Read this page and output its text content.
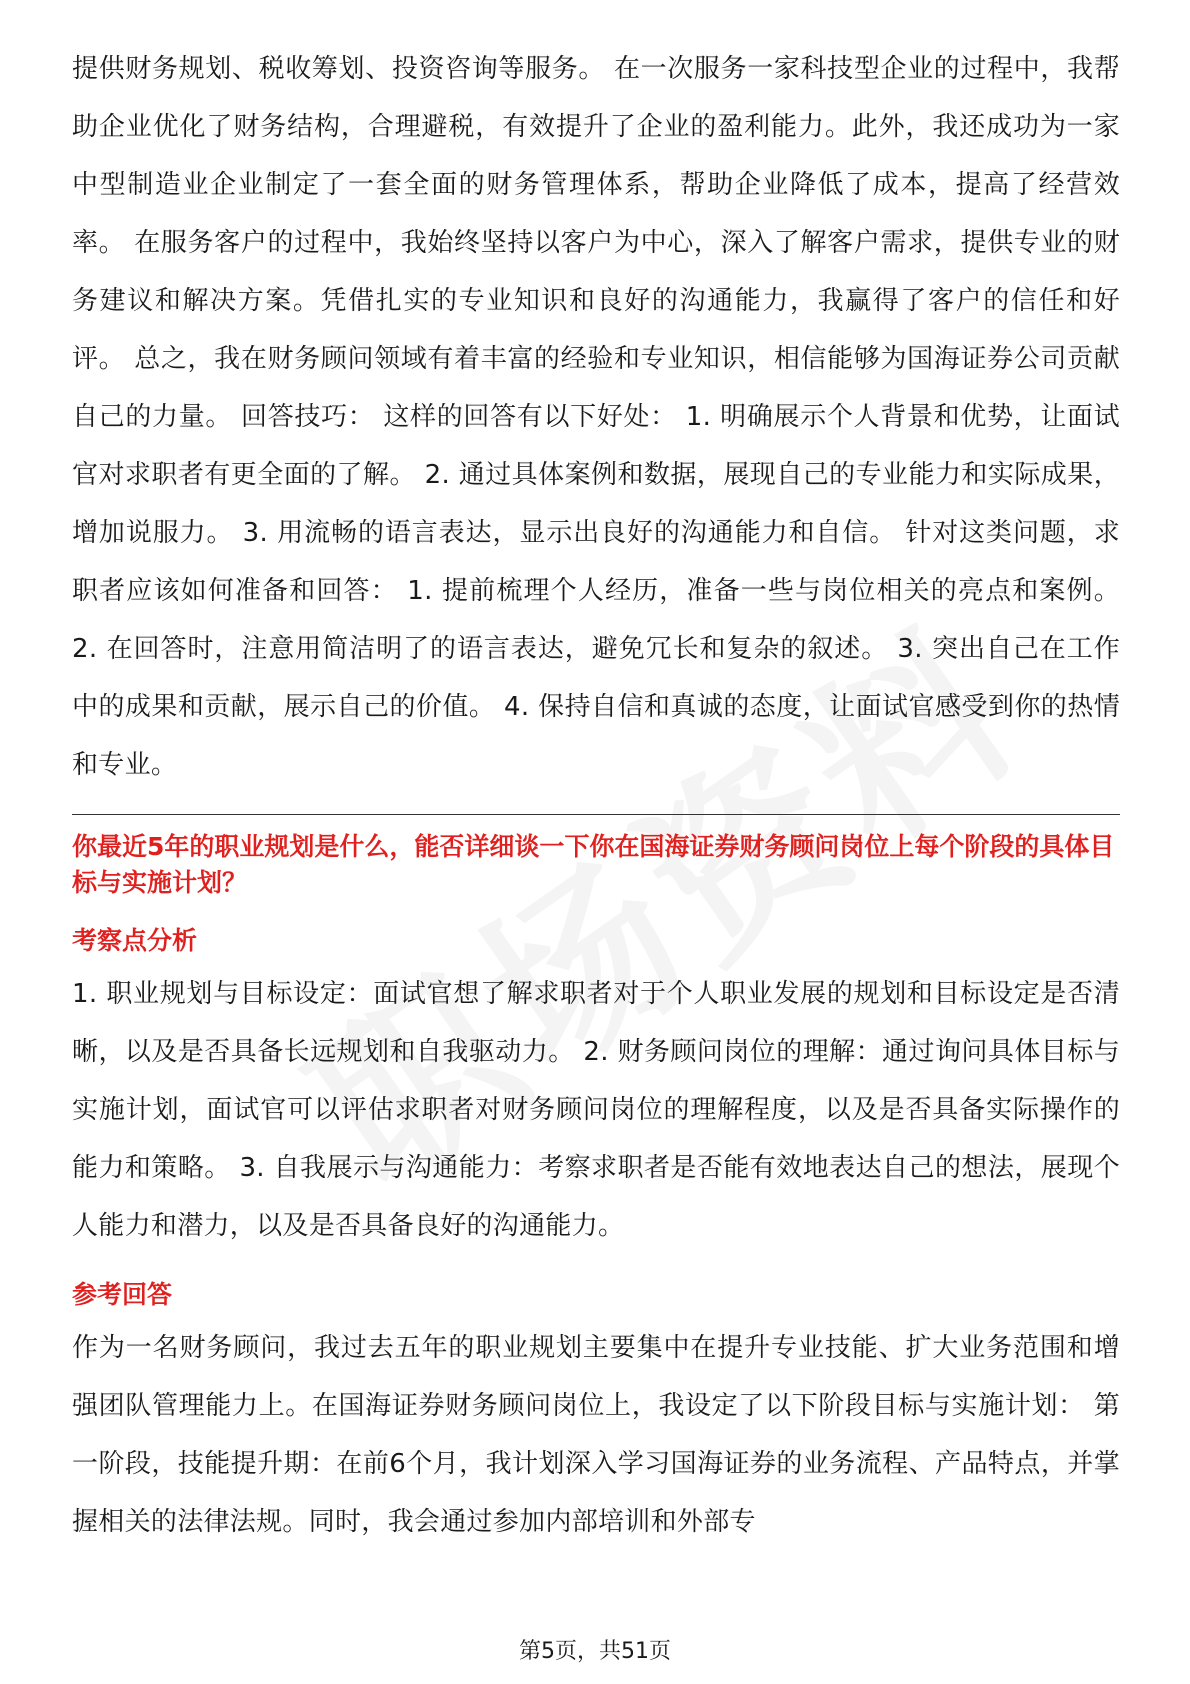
提供财务规划、税收筹划、投资咨询等服务。 在一次服务一家科技型企业的过程中，我帮助企业优化了财务结构，合理避税，有效提升了企业的盈利能力。此外，我还成功为一家中型制造业企业制定了一套全面的财务管理体系，帮助企业降低了成本，提高了经营效率。 在服务客户的过程中，我始终坚持以客户为中心，深入了解客户需求，提供专业的财务建议和解决方案。凭借扎实的专业知识和良好的沟通能力，我赢得了客户的信任和好评。 总之，我在财务顾问领域有着丰富的经验和专业知识，相信能够为国海证券公司贡献自己的力量。 回答技巧： 这样的回答有以下好处： 1. 明确展示个人背景和优势，让面试官对求职者有更全面的了解。 2. 通过具体案例和数据，展现自己的专业能力和实际成果，增加说服力。 3. 用流畅的语言表达，显示出良好的沟通能力和自信。 针对这类问题，求职者应该如何准备和回答： 1. 提前梳理个人经历，准备一些与岗位相关的亮点和案例。 2. 在回答时，注意用简洁明了的语言表达，避免冗长和复杂的叙述。 3. 突出自己在工作中的成果和贡献，展示自己的价值。 4. 保持自信和真诚的态度，让面试官感受到你的热情和专业。

你最近5年的职业规划是什么，能否详细谈一下你在国海证券财务顾问岗位上每个阶段的具体目标与实施计划？

考察点分析

1. 职业规划与目标设定：面试官想了解求职者对于个人职业发展的规划和目标设定是否清晰，以及是否具备长远规划和自我驱动力。 2. 财务顾问岗位的理解：通过询问具体目标与实施计划，面试官可以评估求职者对财务顾问岗位的理解程度，以及是否具备实际操作的能力和策略。 3. 自我展示与沟通能力：考察求职者是否能有效地表达自己的想法，展现个人能力和潜力，以及是否具备良好的沟通能力。

参考回答

作为一名财务顾问，我过去五年的职业规划主要集中在提升专业技能、扩大业务范围和增强团队管理能力上。在国海证券财务顾问岗位上，我设定了以下阶段目标与实施计划： 第一阶段，技能提升期：在前6个月，我计划深入学习国海证券的业务流程、产品特点，并掌握相关的法律法规。同时，我会通过参加内部培训和外部专

第5页，共51页
